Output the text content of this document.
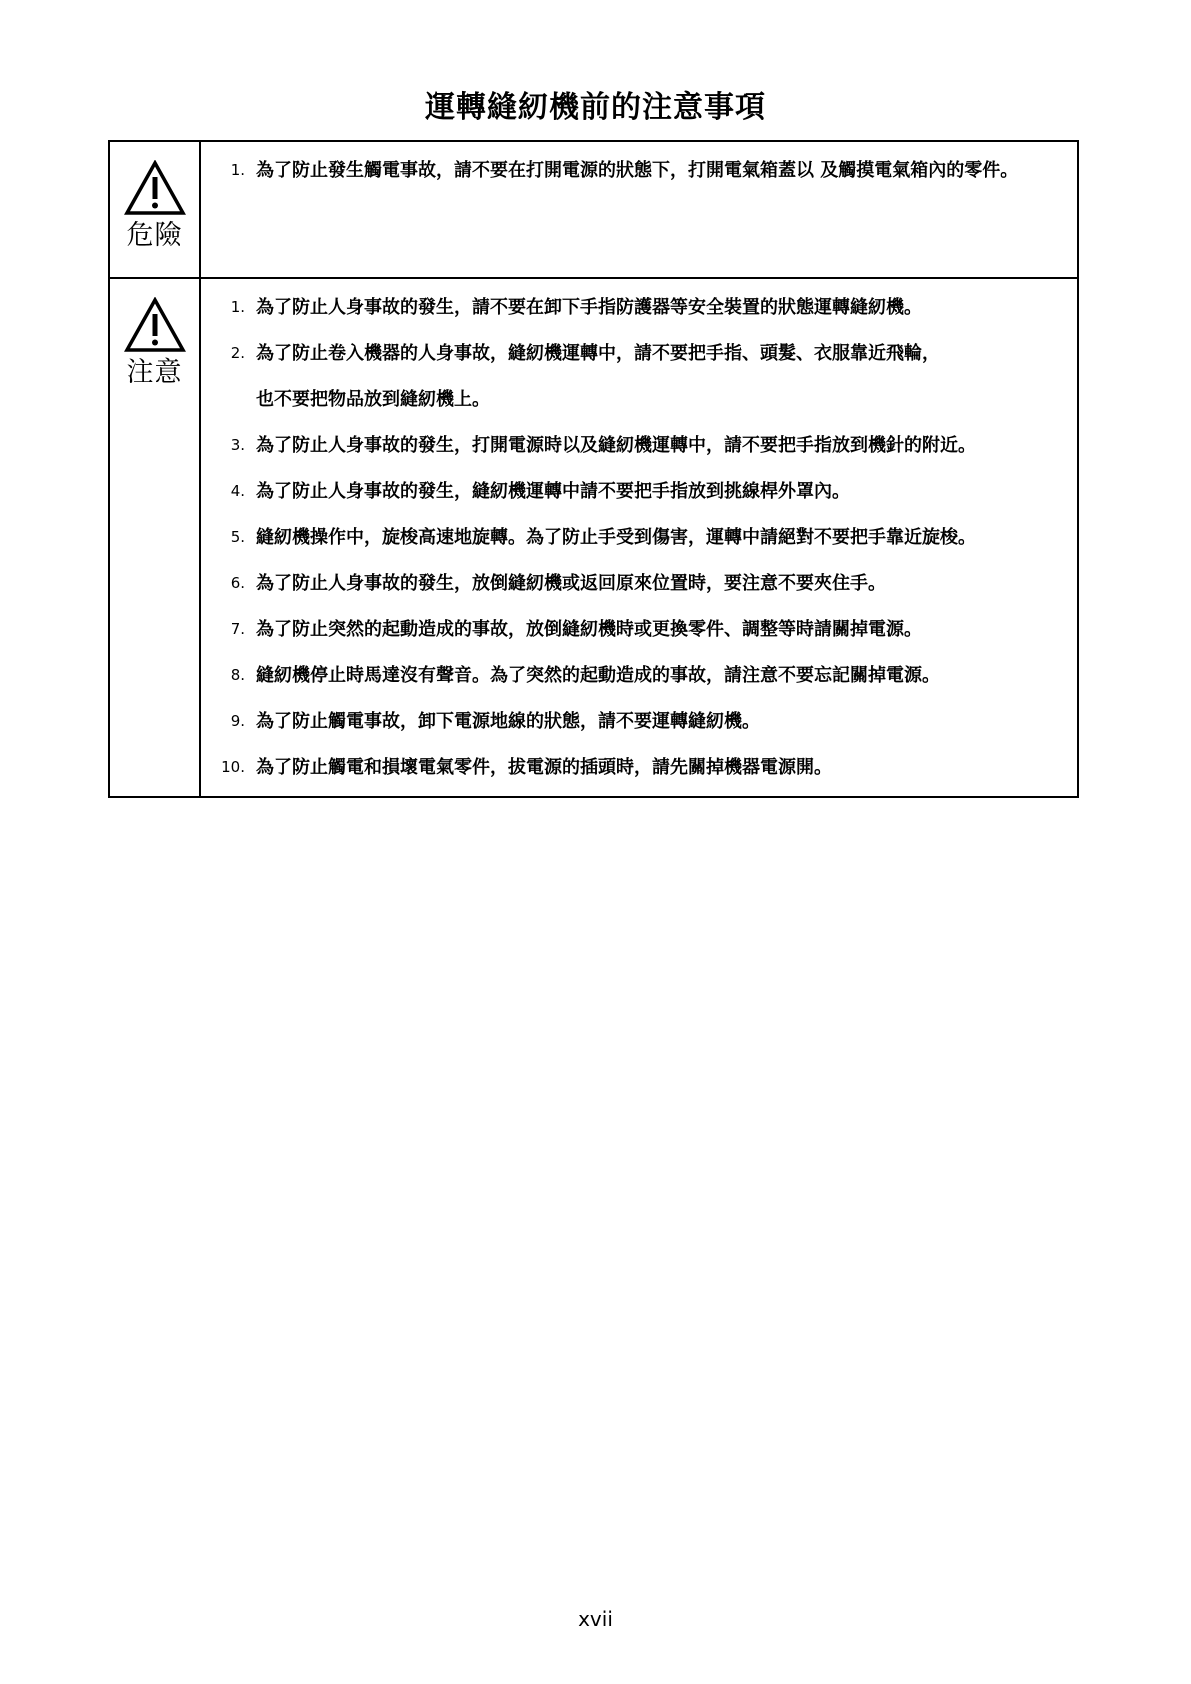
運轉縫紉機前的注意事項
危險
1. 為了防止發生觸電事故，請不要在打開電源的狀態下，打開電氣箱蓋以 及觸摸電氣箱內的零件。
注意
1. 為了防止人身事故的發生，請不要在卸下手指防護器等安全裝置的狀態運轉縫紉機。
2. 為了防止卷入機器的人身事故，縫紉機運轉中，請不要把手指、頭髮、衣服靠近飛輪，
也不要把物品放到縫紉機上。
3. 為了防止人身事故的發生，打開電源時以及縫紉機運轉中，請不要把手指放到機針的附近。
4. 為了防止人身事故的發生，縫紉機運轉中請不要把手指放到挑線桿外罩內。
5. 縫紉機操作中，旋梭高速地旋轉。為了防止手受到傷害，運轉中請絕對不要把手靠近旋梭。
6. 為了防止人身事故的發生，放倒縫紉機或返回原來位置時，要注意不要夾住手。
7. 為了防止突然的起動造成的事故，放倒縫紉機時或更換零件、調整等時請關掉電源。
8. 縫紉機停止時馬達沒有聲音。為了突然的起動造成的事故，請注意不要忘記關掉電源。
9. 為了防止觸電事故，卸下電源地線的狀態，請不要運轉縫紉機。
10. 為了防止觸電和損壞電氣零件，拔電源的插頭時，請先關掉機器電源開。
xvii
